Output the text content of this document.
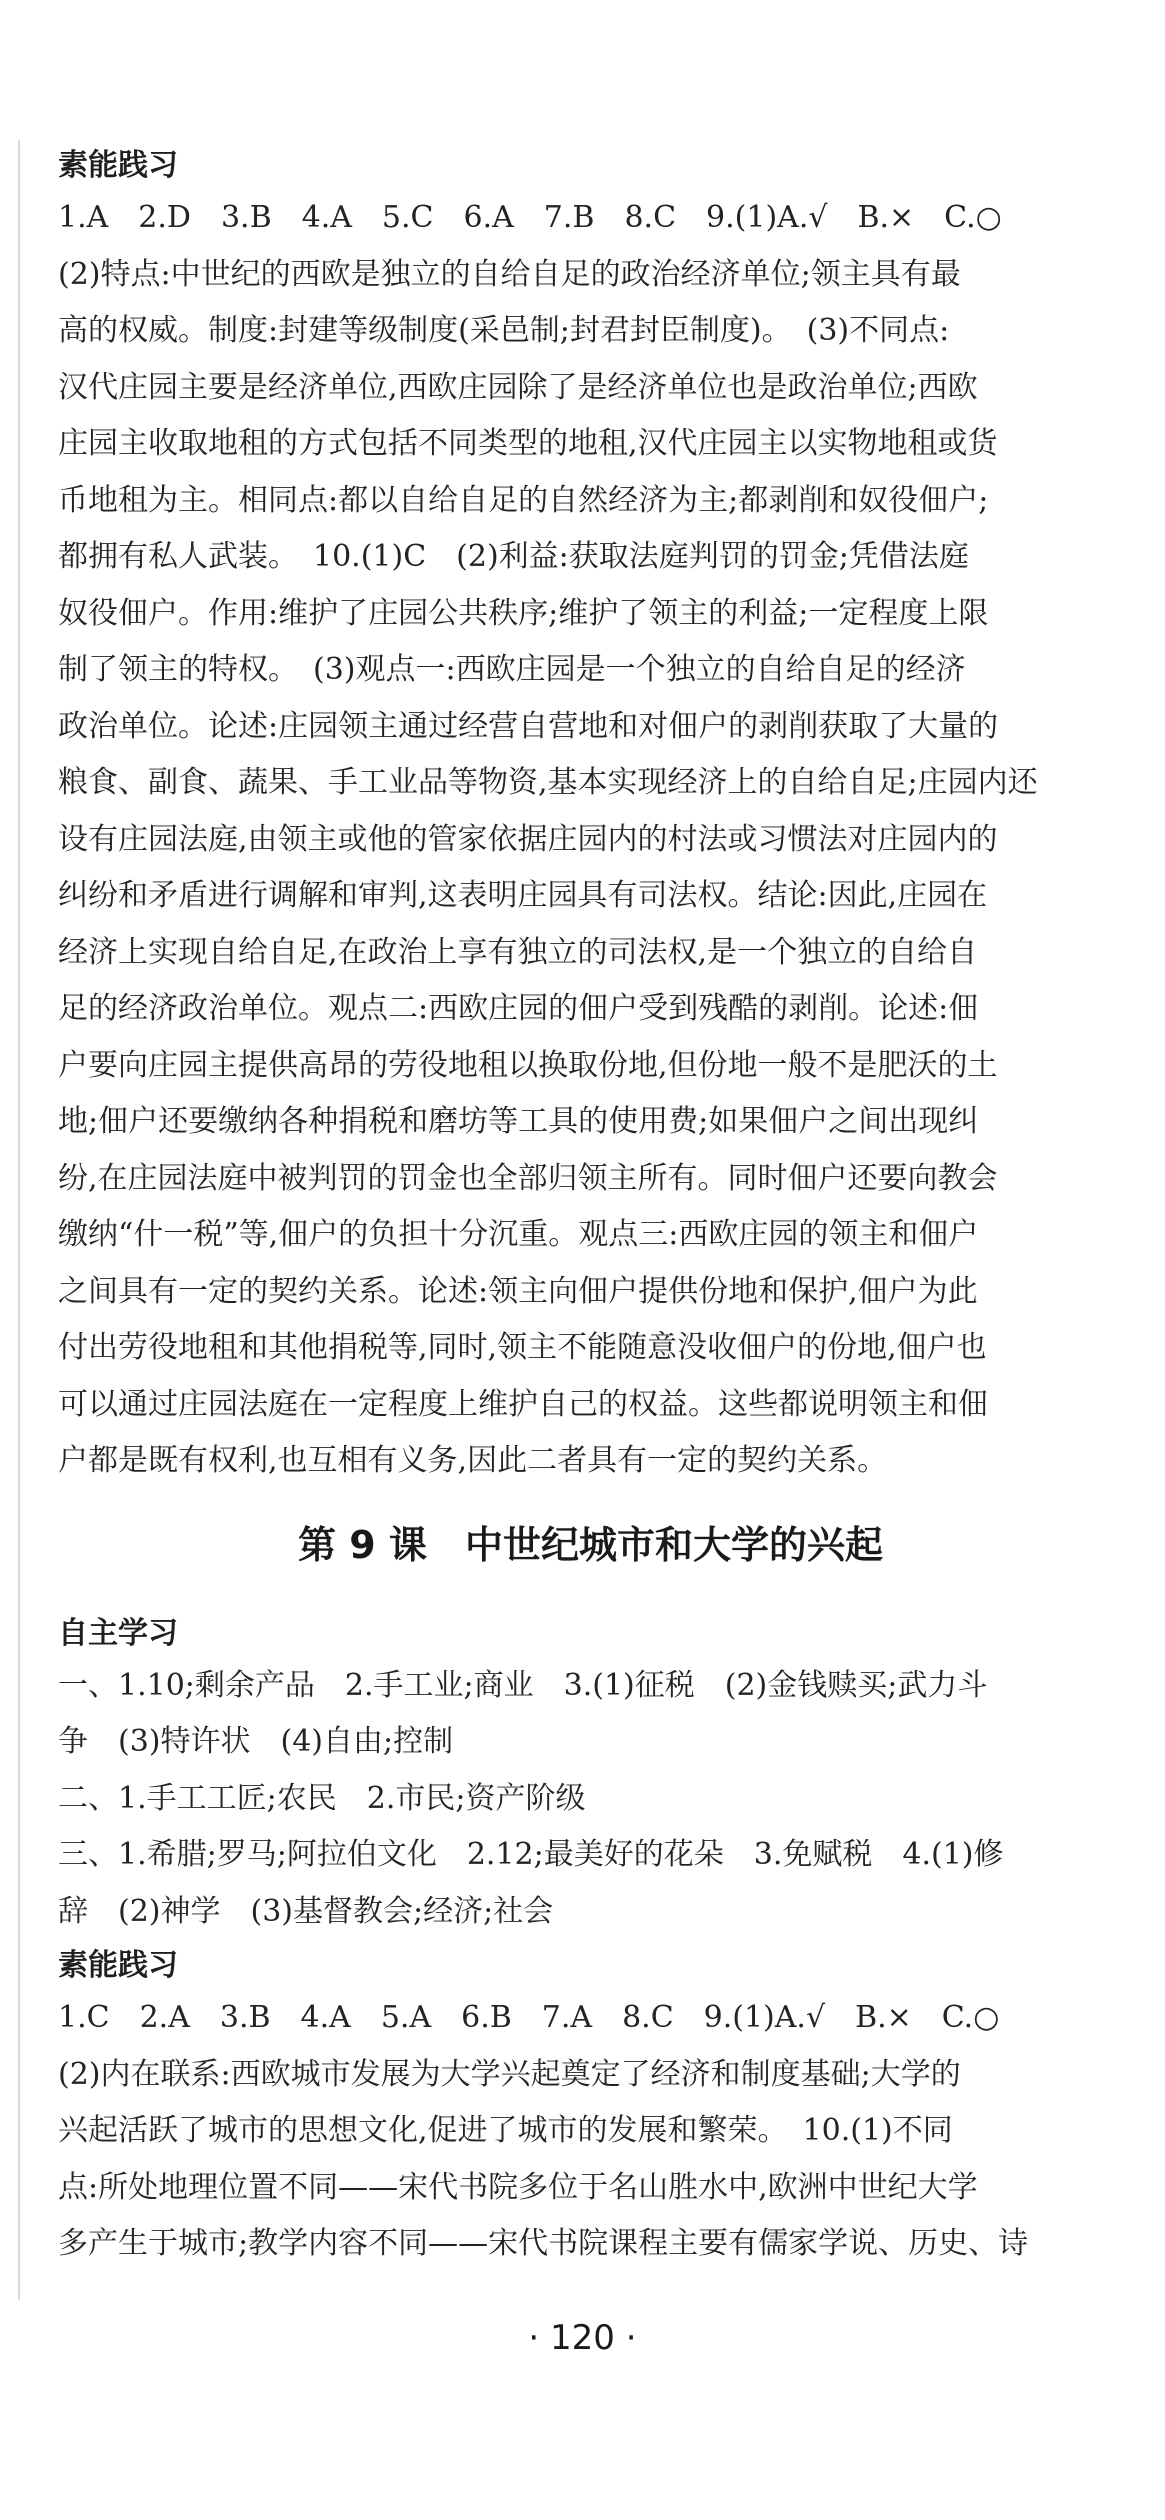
素能践习
1.A　2.D　3.B　4.A　5.C　6.A　7.B　8.C　9.(1)A.√　B.×　C.○
(2)特点:中世纪的西欧是独立的自给自足的政治经济单位;领主具有最
高的权威。制度:封建等级制度(采邑制;封君封臣制度)。　(3)不同点:
汉代庄园主要是经济单位,西欧庄园除了是经济单位也是政治单位;西欧
庄园主收取地租的方式包括不同类型的地租,汉代庄园主以实物地租或货
币地租为主。相同点:都以自给自足的自然经济为主;都剥削和奴役佃户;
都拥有私人武装。　10.(1)C　(2)利益:获取法庭判罚的罚金;凭借法庭
奴役佃户。作用:维护了庄园公共秩序;维护了领主的利益;一定程度上限
制了领主的特权。　(3)观点一:西欧庄园是一个独立的自给自足的经济
政治单位。论述:庄园领主通过经营自营地和对佃户的剥削获取了大量的
粮食、副食、蔬果、手工业品等物资,基本实现经济上的自给自足;庄园内还
设有庄园法庭,由领主或他的管家依据庄园内的村法或习惯法对庄园内的
纠纷和矛盾进行调解和审判,这表明庄园具有司法权。结论:因此,庄园在
经济上实现自给自足,在政治上享有独立的司法权,是一个独立的自给自
足的经济政治单位。观点二:西欧庄园的佃户受到残酷的剥削。论述:佃
户要向庄园主提供高昂的劳役地租以换取份地,但份地一般不是肥沃的土
地;佃户还要缴纳各种捐税和磨坊等工具的使用费;如果佃户之间出现纠
纷,在庄园法庭中被判罚的罚金也全部归领主所有。同时佃户还要向教会
缴纳“什一税”等,佃户的负担十分沉重。观点三:西欧庄园的领主和佃户
之间具有一定的契约关系。论述:领主向佃户提供份地和保护,佃户为此
付出劳役地租和其他捐税等,同时,领主不能随意没收佃户的份地,佃户也
可以通过庄园法庭在一定程度上维护自己的权益。这些都说明领主和佃
户都是既有权利,也互相有义务,因此二者具有一定的契约关系。
第 9 课　中世纪城市和大学的兴起
自主学习
一、1.10;剩余产品　2.手工业;商业　3.(1)征税　(2)金钱赎买;武力斗
争　(3)特许状　(4)自由;控制
二、1.手工工匠;农民　2.市民;资产阶级
三、1.希腊;罗马;阿拉伯文化　2.12;最美好的花朵　3.免赋税　4.(1)修
辞　(2)神学　(3)基督教会;经济;社会
素能践习
1.C　2.A　3.B　4.A　5.A　6.B　7.A　8.C　9.(1)A.√　B.×　C.○
(2)内在联系:西欧城市发展为大学兴起奠定了经济和制度基础;大学的
兴起活跃了城市的思想文化,促进了城市的发展和繁荣。　10.(1)不同
点:所处地理位置不同——宋代书院多位于名山胜水中,欧洲中世纪大学
多产生于城市;教学内容不同——宋代书院课程主要有儒家学说、历史、诗
· 120 ·
